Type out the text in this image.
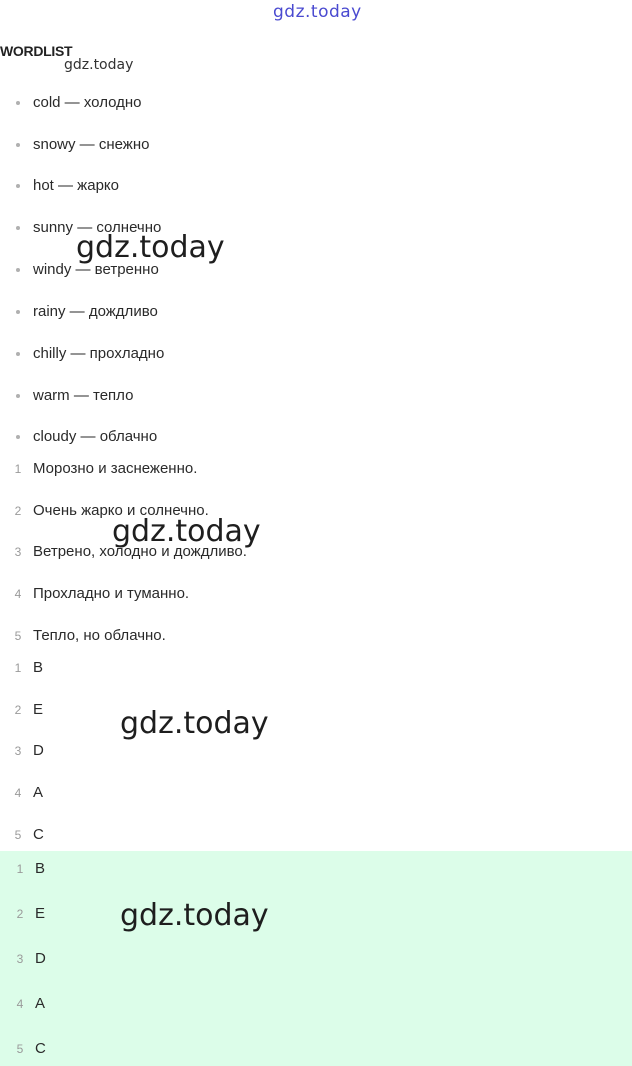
gdz.today
WORDLIST
gdz.today
cold — холодно
snowy — снежно
hot — жарко
sunny — солнечно
windy — ветренно
rainy — дождливо
chilly — прохладно
warm — тепло
cloudy — облачно
1 Морозно и заснеженно.
2 Очень жарко и солнечно.
3 Ветрено, холодно и дождливо.
4 Прохладно и туманно.
5 Тепло, но облачно.
1 B
2 E
3 D
4 A
5 C
1 B
2 E
3 D
4 A
5 C
gdz.today
gdz.today
gdz.today
gdz.today
